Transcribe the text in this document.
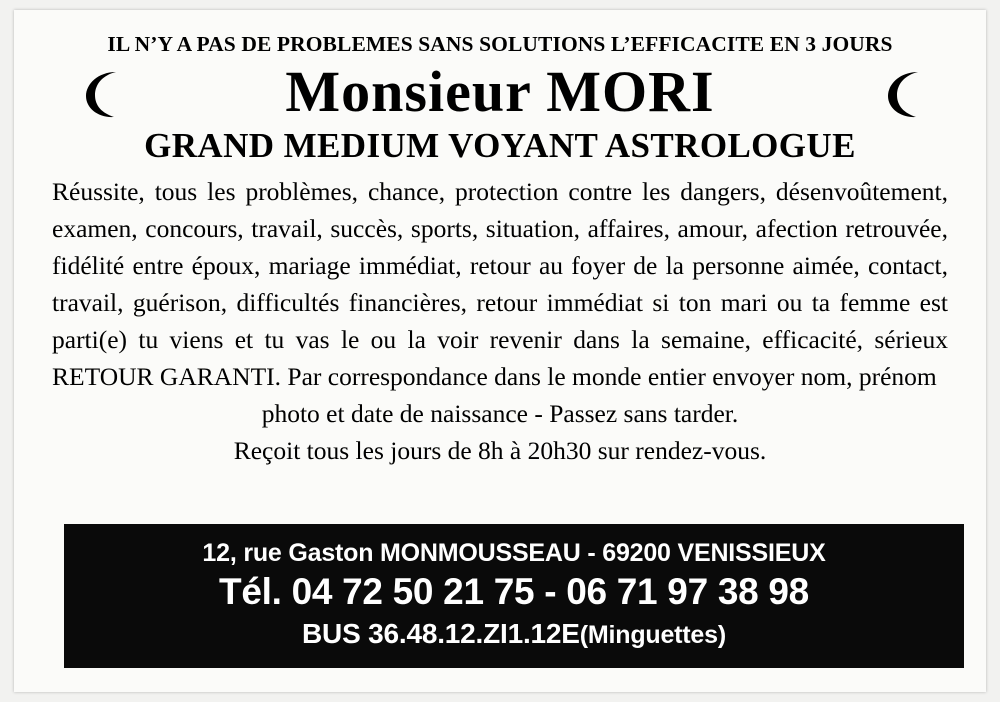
IL N’Y A PAS DE PROBLEMES SANS SOLUTIONS L’EFFICACITE EN 3 JOURS
Monsieur MORI
GRAND MEDIUM VOYANT ASTROLOGUE

Réussite, tous les problèmes, chance, protection contre les dangers, désenvoûtement, examen, concours, travail, succès, sports, situation, affaires, amour, afection retrouvée, fidélité entre époux, mariage immédiat, retour au foyer de la personne aimée, contact, travail, guérison, difficultés financières, retour immédiat si ton mari ou ta femme est parti(e) tu viens et tu vas le ou la voir revenir dans la semaine, efficacité, sérieux RETOUR GARANTI. Par correspondance dans le monde entier envoyer nom, prénom

photo et date de naissance - Passez sans tarder.

Reçoit tous les jours de 8h à 20h30 sur rendez-vous.

12, rue Gaston MONMOUSSEAU - 69200 VENISSIEUX
Tél. 04 72 50 21 75 - 06 71 97 38 98
BUS 36.48.12.ZI1.12E(Minguettes)
